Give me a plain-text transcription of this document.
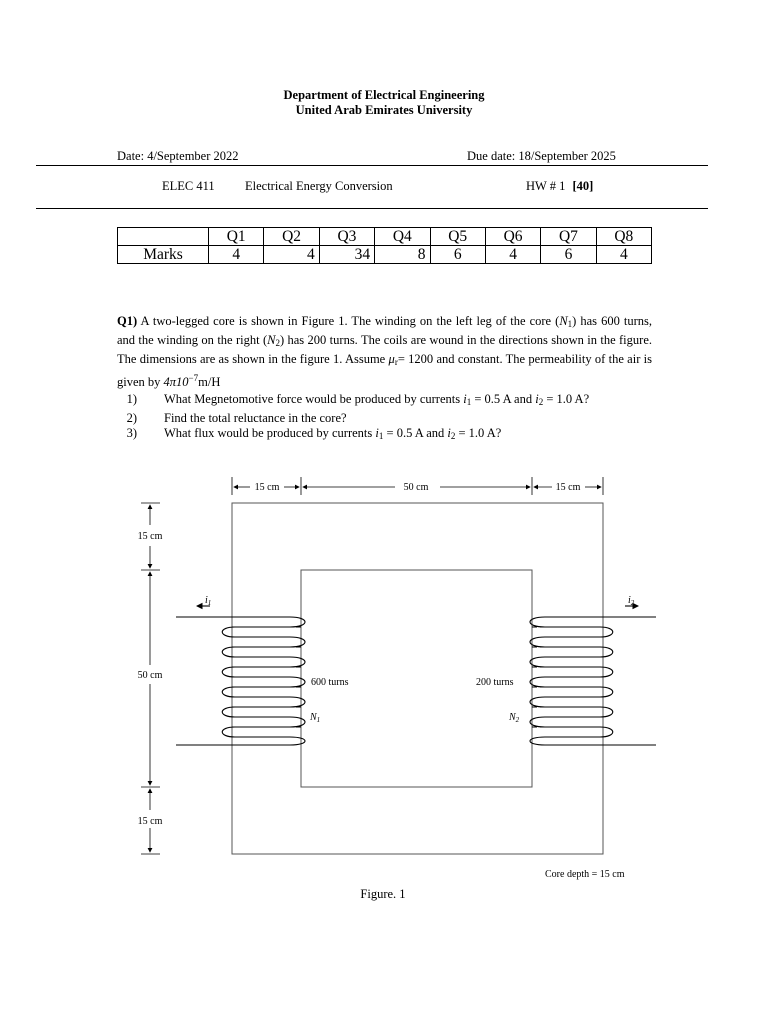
Department of Electrical Engineering
United Arab Emirates University
Date: 4/September 2022	Due date: 18/September 2025
ELEC 411 Electrical Energy Conversion	HW # 1 [40]
	Q1	Q2	Q3	Q4	Q5	Q6	Q7	Q8
Marks	4	4	34	8	6	4	6	4
Q1) A two-legged core is shown in Figure 1. The winding on the left leg of the core $(N_1)$ has 600 turns, and the winding on the right $(N_2)$ has 200 turns. The coils are wound in the directions shown in the figure. The dimensions are as shown in the figure 1. Assume $\mu_r= 1200$ and constant. The permeability of the air is given by $4\pi 10^{-7}m/H$
1) What Megnetomotive force would be produced by currents $i_1 = 0.5$ A and $i_2 = 1.0$ A?
2) Find the total reluctance in the core?
3) What flux would be produced by currents $i_1 = 0.5$ A and $i_2 = 1.0$ A?
15 cm	50 cm	15 cm
15 cm
50 cm
15 cm
$i_1$
600 turns
$N_1$
$i_2$
200 turns
$N_2$
Core depth = 15 cm
Figure. 1
